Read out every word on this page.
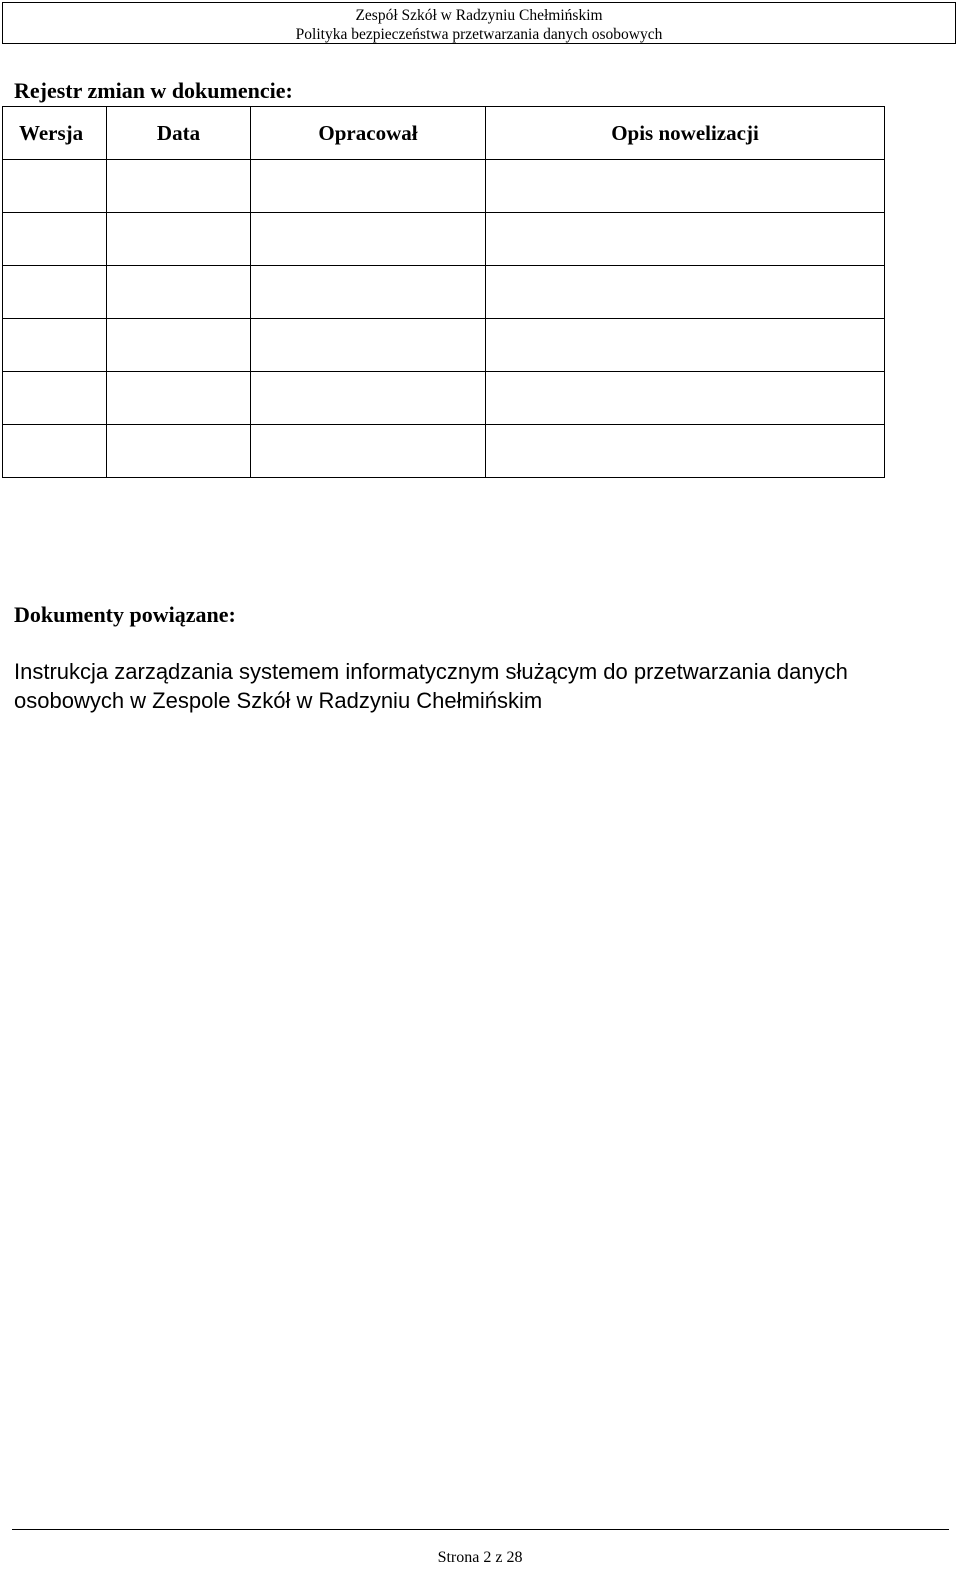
Zespół Szkół w Radzyniu Chełmińskim
Polityka bezpieczeństwa przetwarzania danych osobowych
Rejestr zmian w dokumencie:
Wersja	Data	Opracował	Opis nowelizacji

Dokumenty powiązane:
Instrukcja zarządzania systemem informatycznym służącym do przetwarzania danych osobowych w Zespole Szkół w Radzyniu Chełmińskim
Strona 2 z 28
